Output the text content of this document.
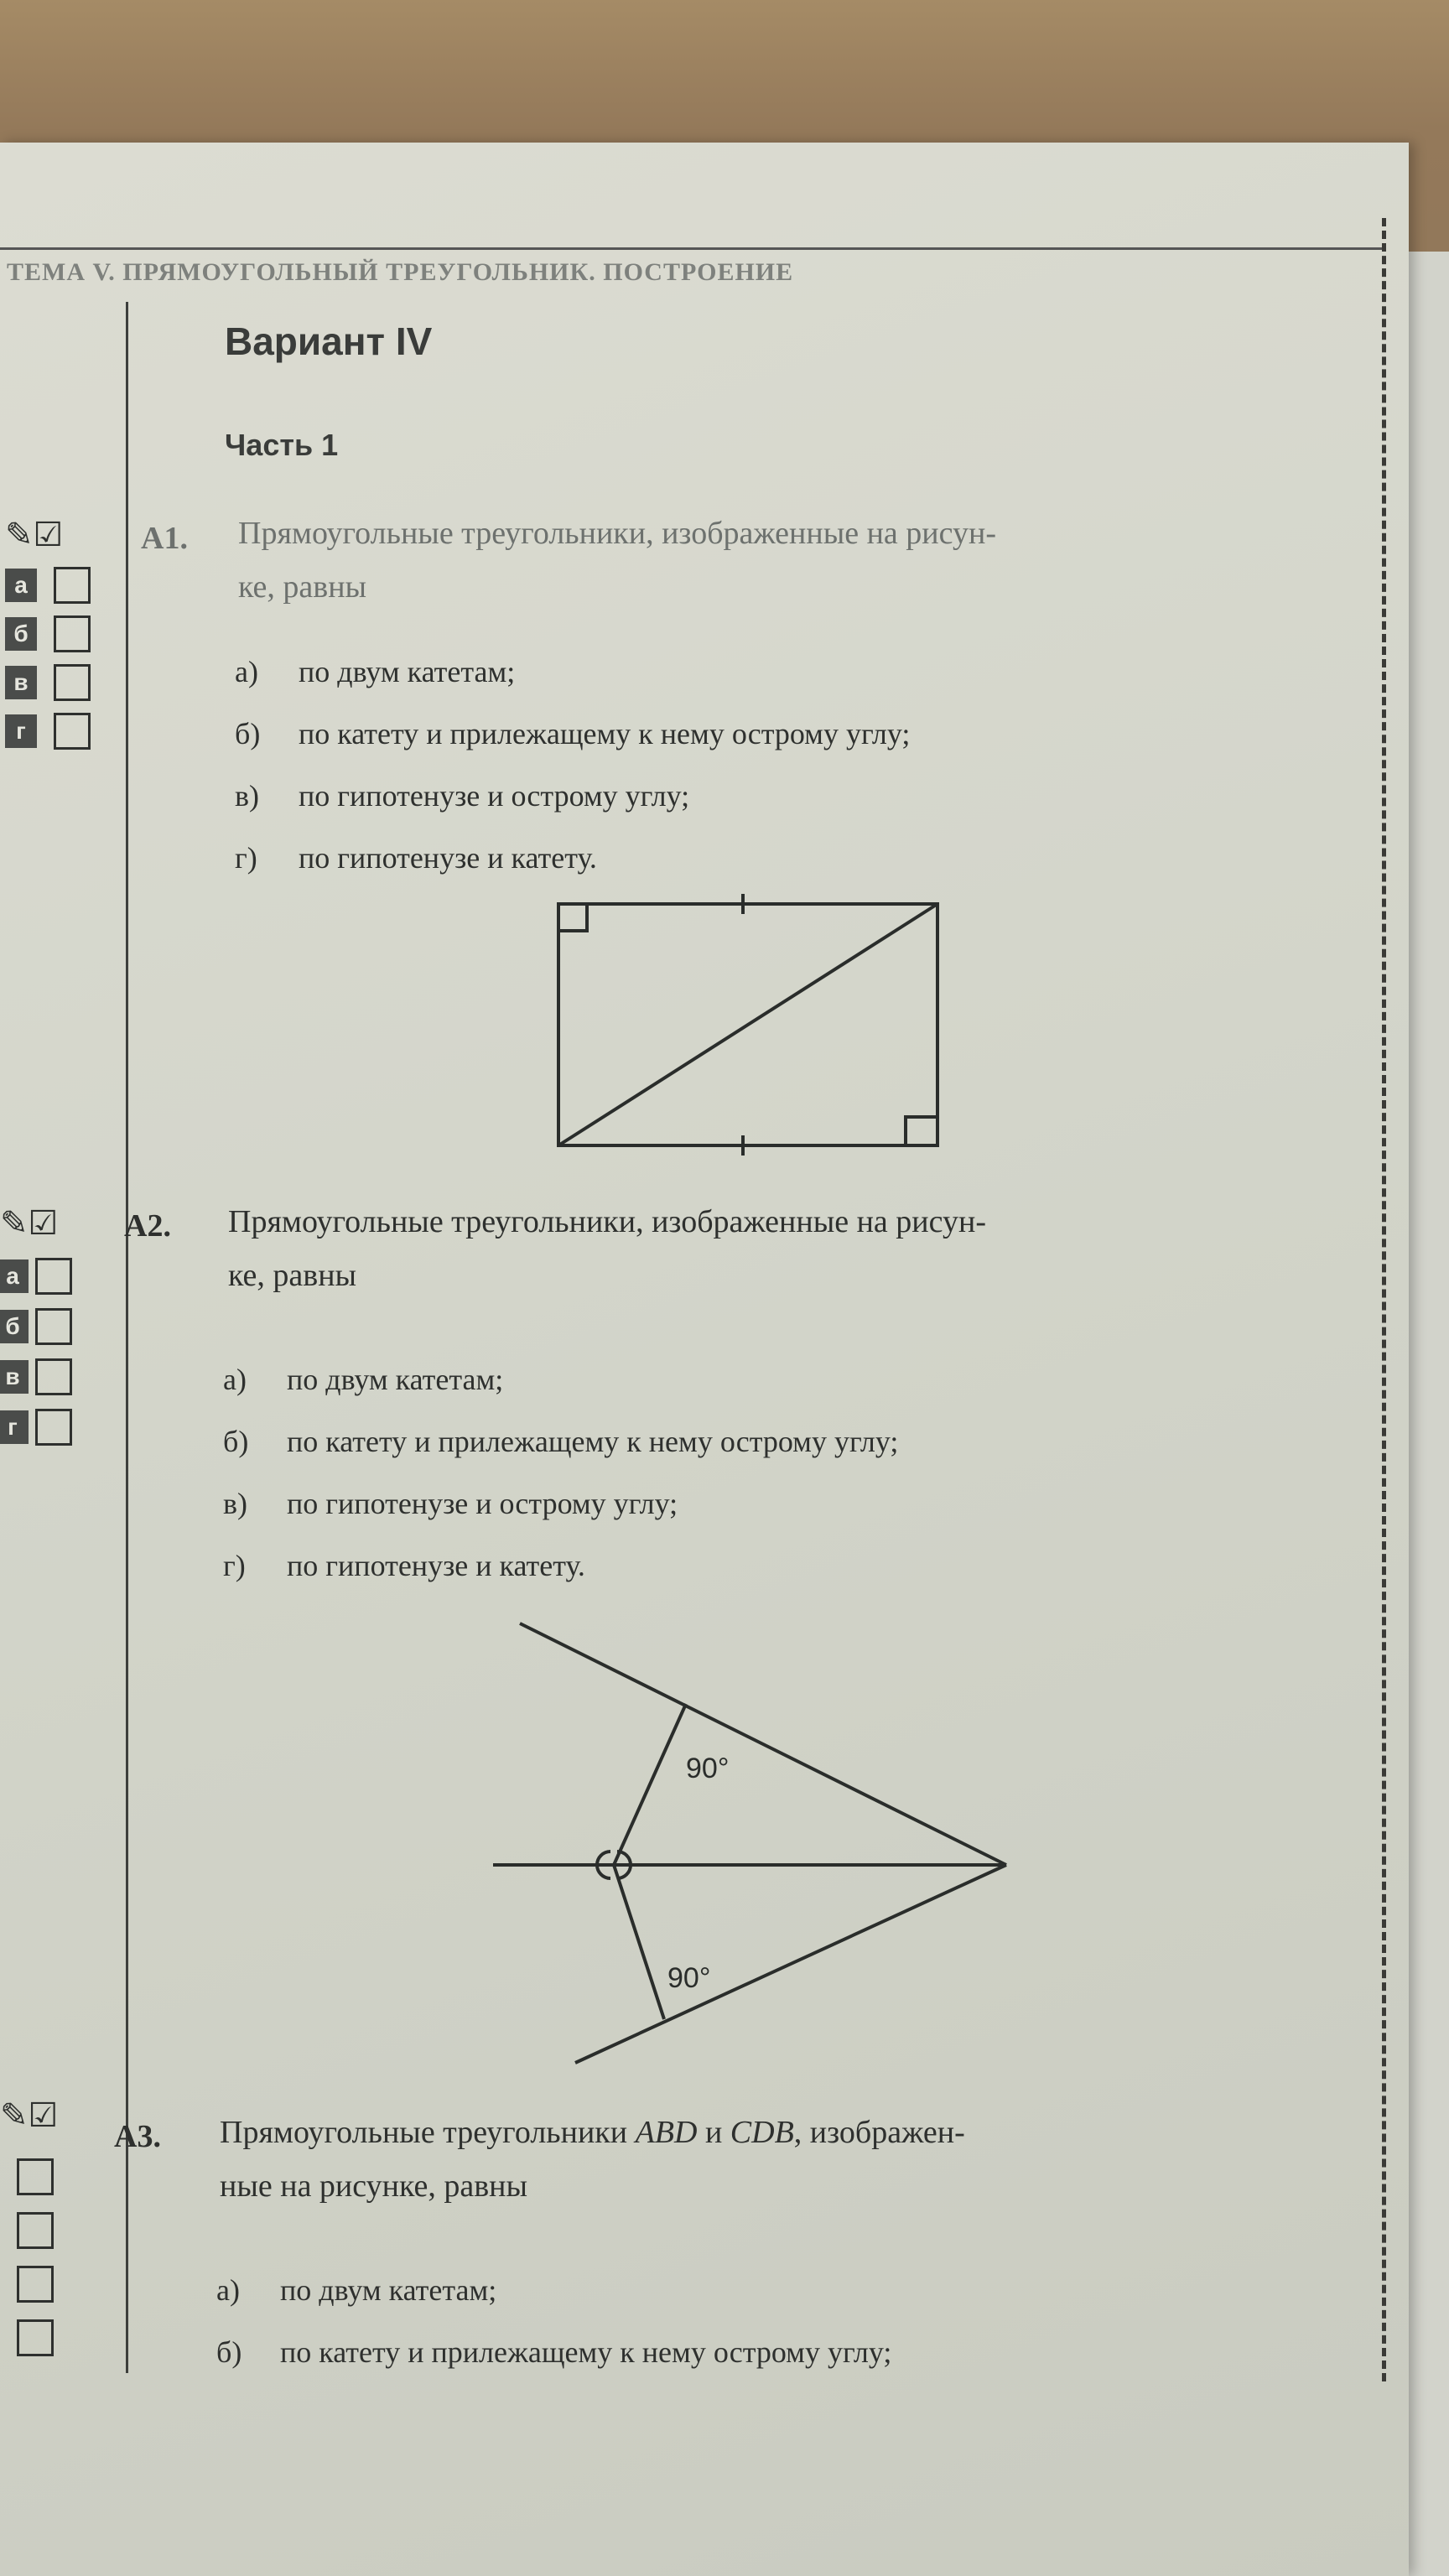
ТЕМА V. ПРЯМОУГОЛЬНЫЙ ТРЕУГОЛЬНИК. ПОСТРОЕНИЕ
Вариант IV
Часть 1
✎☑
а
б
в
г
✎☑
а
б
в
г
✎☑
А1. Прямоугольные треугольники, изображенные на рисун-
ке, равны
а) по двум катетам;
б) по катету и прилежащему к нему острому углу;
в) по гипотенузе и острому углу;
г) по гипотенузе и катету.
А2. Прямоугольные треугольники, изображенные на рисун-
ке, равны
а) по двум катетам;
б) по катету и прилежащему к нему острому углу;
в) по гипотенузе и острому углу;
г) по гипотенузе и катету.
90°
90°
А3. Прямоугольные треугольники ABD и CDB, изображен-
ные на рисунке, равны
а) по двум катетам;
б) по катету и прилежащему к нему острому углу;
